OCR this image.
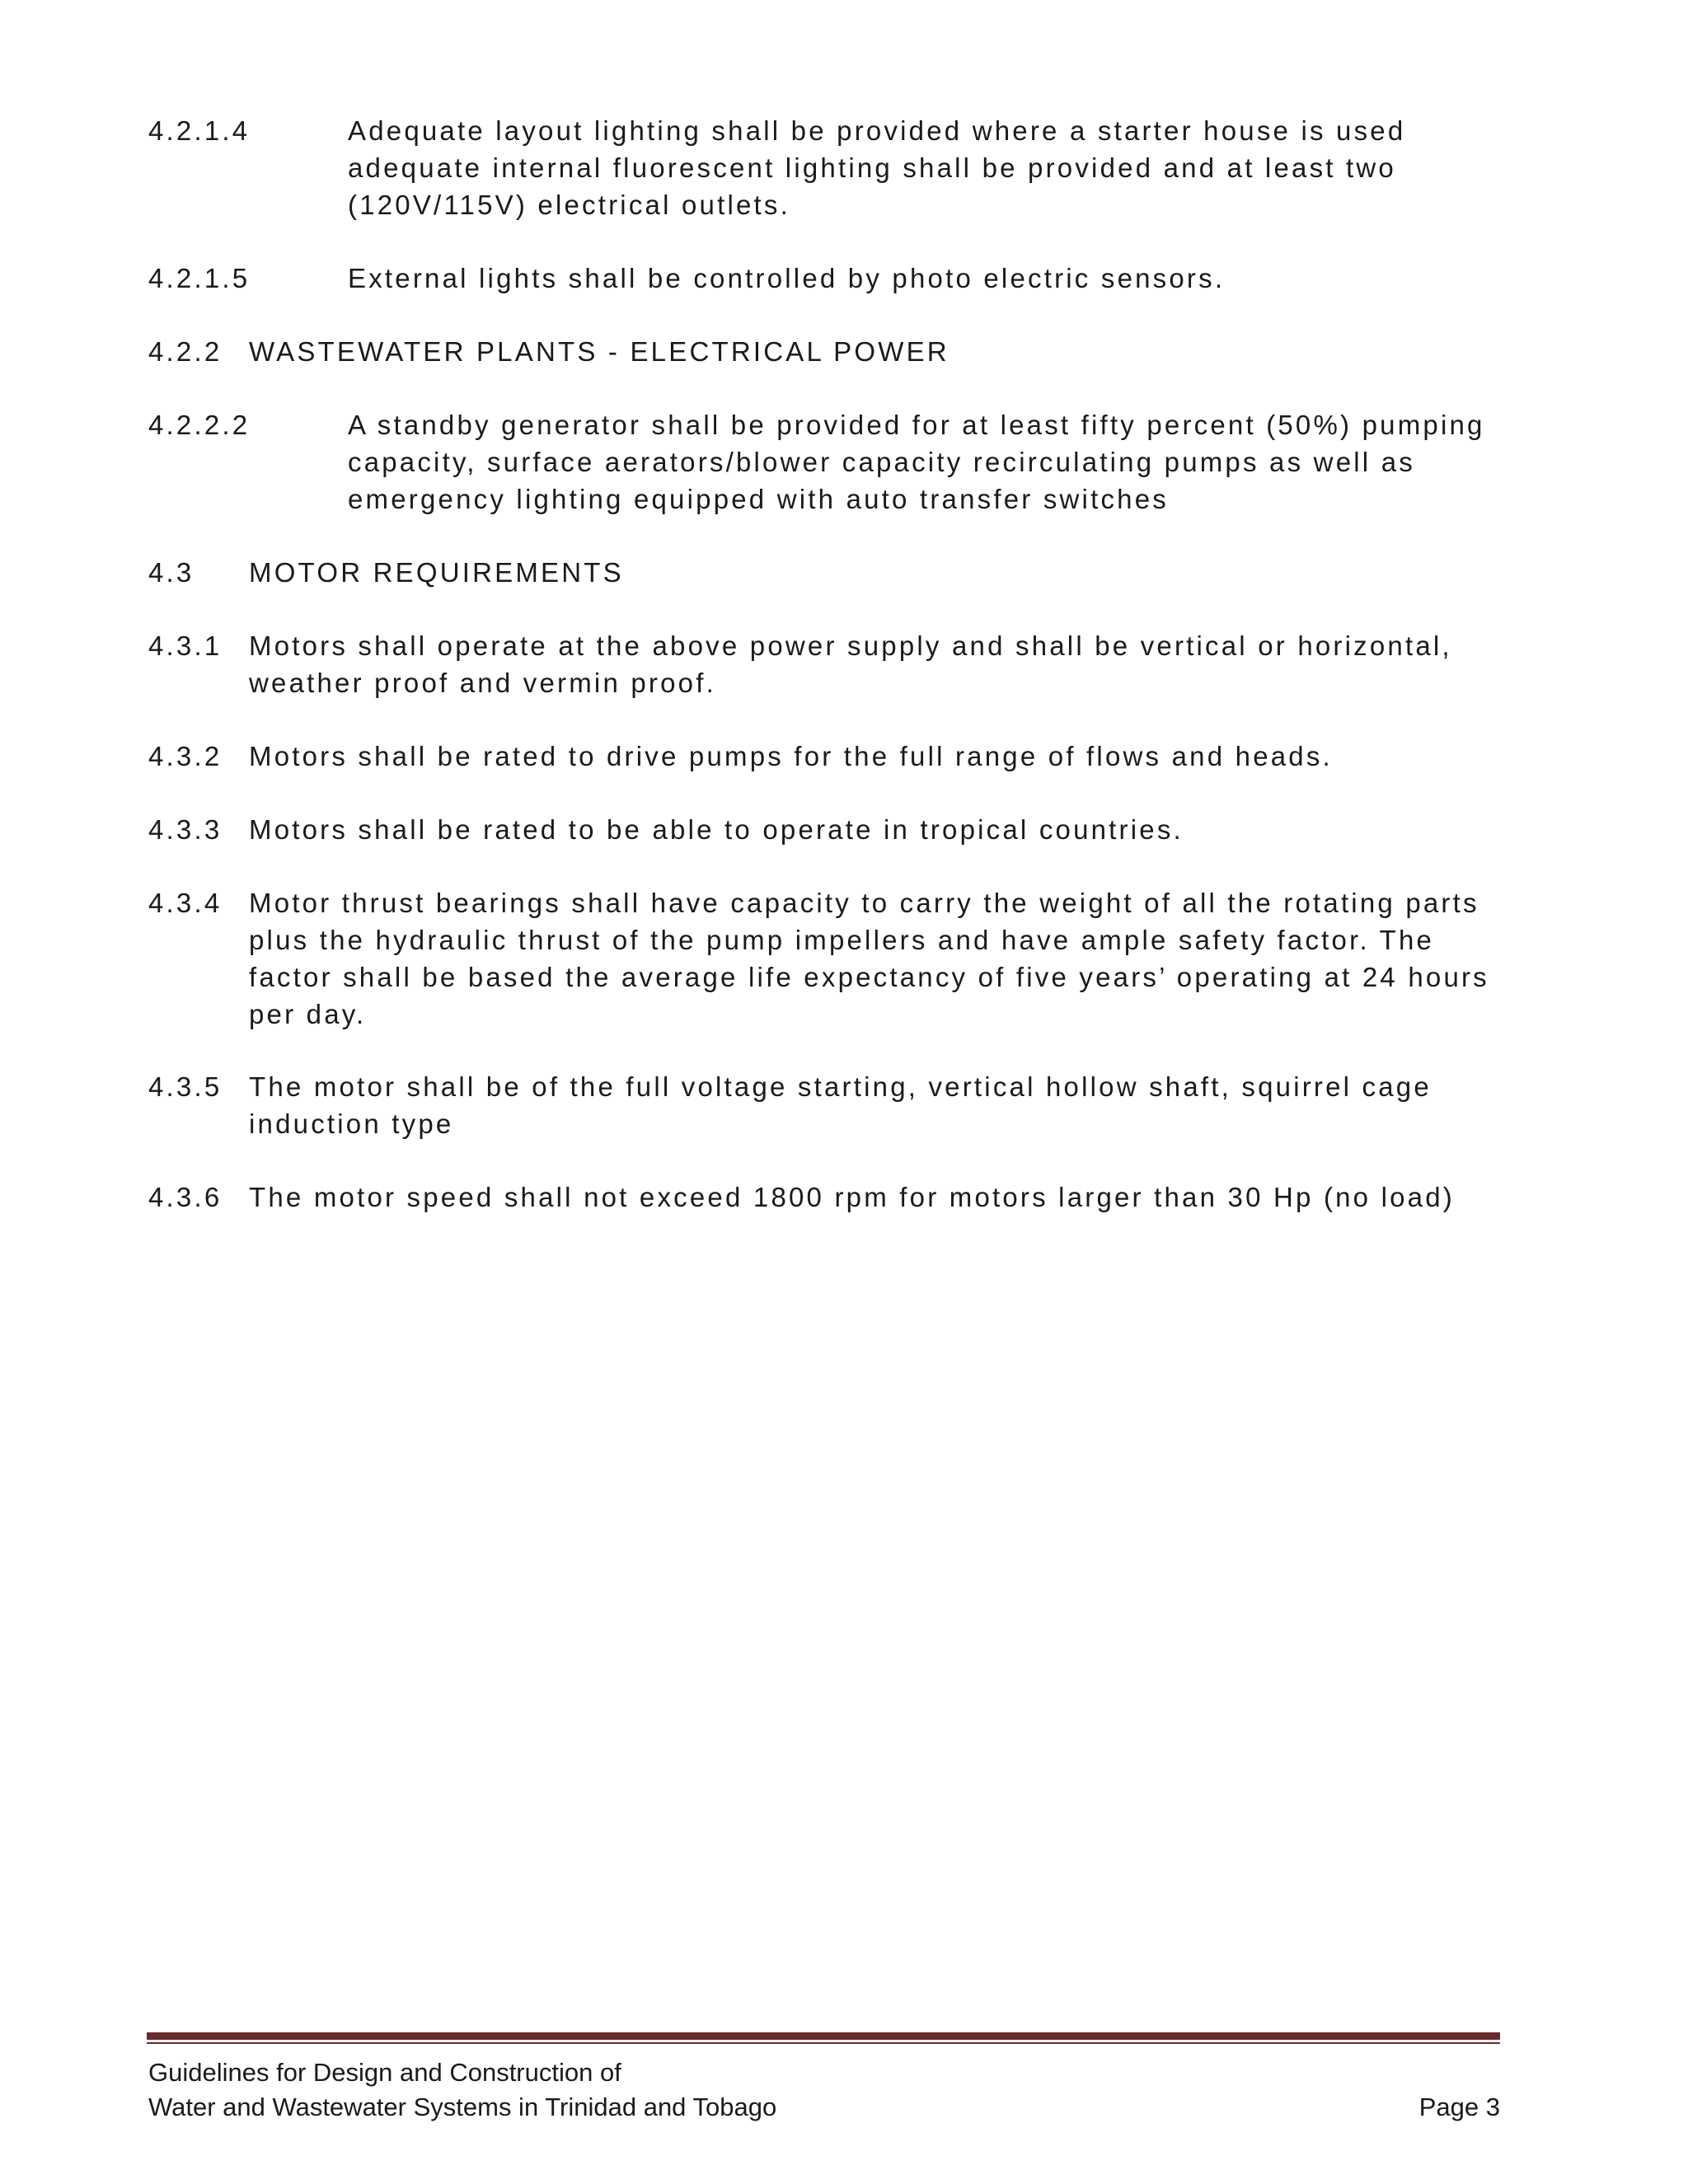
4.2.1.4	Adequate layout lighting shall be provided where a starter house is used adequate internal fluorescent lighting shall be provided and at least two (120V/115V) electrical outlets.
4.2.1.5	External lights shall be controlled by photo electric sensors.
4.2.2 WASTEWATER PLANTS - ELECTRICAL POWER
4.2.2.2	A standby generator shall be provided for at least fifty percent (50%) pumping capacity, surface aerators/blower capacity recirculating pumps as well as emergency lighting equipped with auto transfer switches
4.3 MOTOR REQUIREMENTS
4.3.1 Motors shall operate at the above power supply and shall be vertical or horizontal, weather proof and vermin proof.
4.3.2 Motors shall be rated to drive pumps for the full range of flows and heads.
4.3.3 Motors shall be rated to be able to operate in tropical countries.
4.3.4 Motor thrust bearings shall have capacity to carry the weight of all the rotating parts plus the hydraulic thrust of the pump impellers and have ample safety factor. The factor shall be based the average life expectancy of five years’ operating at 24 hours per day.
4.3.5 The motor shall be of the full voltage starting, vertical hollow shaft, squirrel cage induction type
4.3.6 The motor speed shall not exceed 1800 rpm for motors larger than 30 Hp (no load)
Guidelines for Design and Construction of
Water and Wastewater Systems in Trinidad and Tobago	Page 3
